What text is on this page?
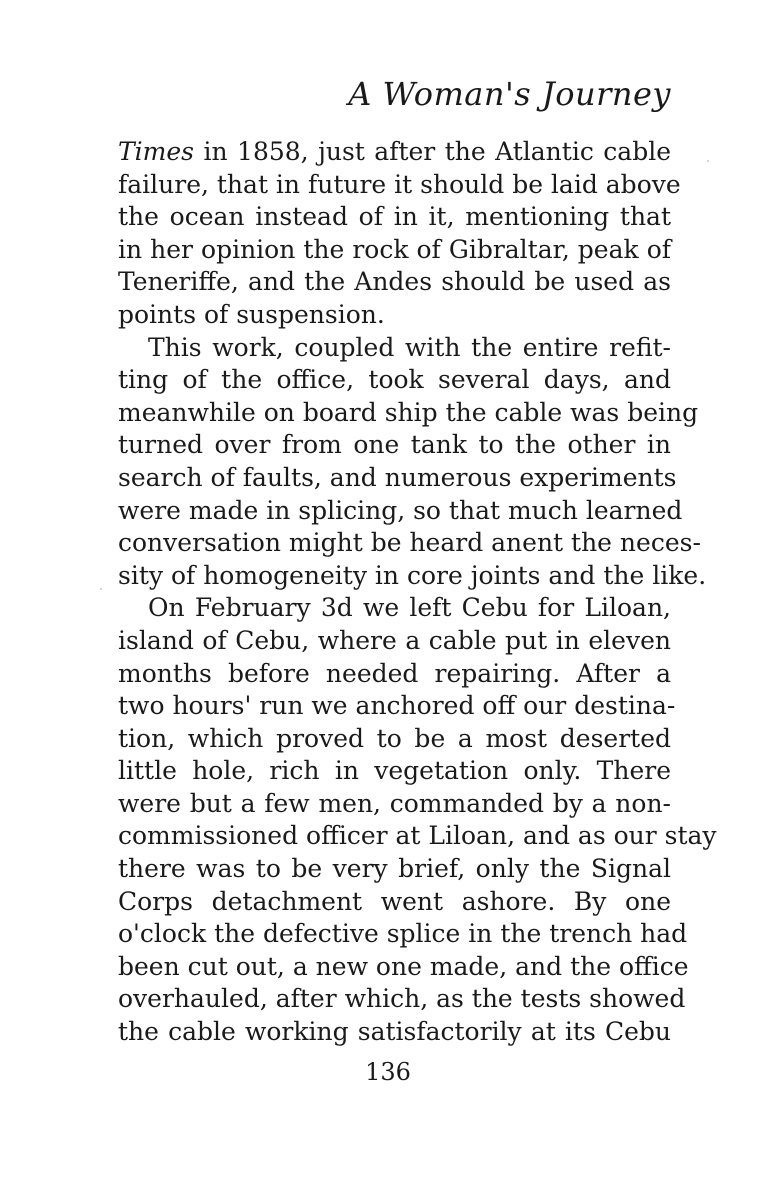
A Woman's Journey
Times in 1858, just after the Atlantic cable
failure, that in future it should be laid above
the ocean instead of in it, mentioning that
in her opinion the rock of Gibraltar, peak of
Teneriffe, and the Andes should be used as
points of suspension.
This work, coupled with the entire refit-
ting of the office, took several days, and
meanwhile on board ship the cable was being
turned over from one tank to the other in
search of faults, and numerous experiments
were made in splicing, so that much learned
conversation might be heard anent the neces-
sity of homogeneity in core joints and the like.
On February 3d we left Cebu for Liloan,
island of Cebu, where a cable put in eleven
months before needed repairing. After a
two hours' run we anchored off our destina-
tion, which proved to be a most deserted
little hole, rich in vegetation only. There
were but a few men, commanded by a non-
commissioned officer at Liloan, and as our stay
there was to be very brief, only the Signal
Corps detachment went ashore. By one
o'clock the defective splice in the trench had
been cut out, a new one made, and the office
overhauled, after which, as the tests showed
the cable working satisfactorily at its Cebu
136
